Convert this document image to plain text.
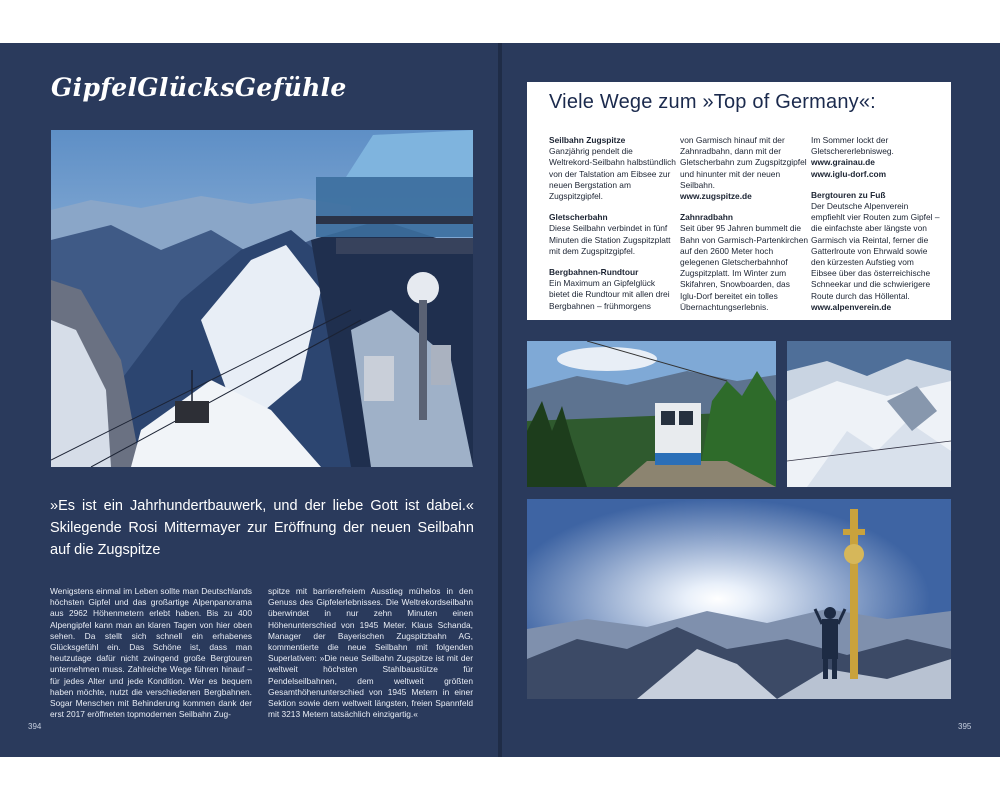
GipfelGlücksGefühle
»Es ist ein Jahrhundertbauwerk, und der liebe Gott ist dabei.« Skilegende Rosi Mittermayer zur Eröffnung der neuen Seilbahn auf die Zugspitze
Wenigstens einmal im Leben sollte man Deutschlands höchsten Gipfel und das großartige Alpenpanorama aus 2962 Höhenmetern erlebt haben. Bis zu 400 Alpengipfel kann man an klaren Tagen von hier oben sehen. Da stellt sich schnell ein erhabenes Glücksgefühl ein. Das Schöne ist, dass man heutzutage dafür nicht zwingend große Bergtouren unternehmen muss. Zahlreiche Wege führen hinauf – für jedes Alter und jede Kondition. Wer es bequem haben möchte, nutzt die verschiedenen Bergbahnen. Sogar Menschen mit Behinderung kommen dank der erst 2017 eröffneten topmodernen Seilbahn Zug-
spitze mit barrierefreiem Ausstieg mühelos in den Genuss des Gipfelerlebnisses. Die Weltrekordseilbahn überwindet in nur zehn Minuten einen Höhenunterschied von 1945 Meter. Klaus Schanda, Manager der Bayerischen Zugspitzbahn AG, kommentierte die neue Seilbahn mit folgenden Superlativen: »Die neue Seilbahn Zugspitze ist mit der weltweit höchsten Stahlbaustütze für Pendelseilbahnen, dem weltweit größten Gesamthöhenunterschied von 1945 Metern in einer Sektion sowie dem weltweit längsten, freien Spannfeld mit 3213 Metern tatsächlich einzigartig.«
394
Viele Wege zum »Top of Germany«:
Seilbahn Zugspitze
Ganzjährig pendelt die Weltrekord-Seilbahn halbstündlich von der Talstation am Eibsee zur neuen Bergstation am Zugspitzgipfel.
Gletscherbahn
Diese Seilbahn verbindet in fünf Minuten die Station Zugspitzplatt mit dem Zugspitzgipfel.
Bergbahnen-Rundtour
Ein Maximum an Gipfelglück bietet die Rundtour mit allen drei Bergbahnen – frühmorgens
von Garmisch hinauf mit der Zahnradbahn, dann mit der Gletscherbahn zum Zugspitzgipfel und hinunter mit der neuen Seilbahn.
www.zugspitze.de
Zahnradbahn
Seit über 95 Jahren bummelt die Bahn von Garmisch-Partenkirchen auf den 2600 Meter hoch gelegenen Gletscherbahnhof Zugspitzplatt. Im Winter zum Skifahren, Snowboarden, das Iglu-Dorf bereitet ein tolles Übernachtungserlebnis.
Im Sommer lockt der Gletschererlebnisweg.
www.grainau.de
www.iglu-dorf.com
Bergtouren zu Fuß
Der Deutsche Alpenverein empfiehlt vier Routen zum Gipfel – die einfachste aber längste von Garmisch via Reintal, ferner die Gatterlroute von Ehrwald sowie den kürzesten Aufstieg vom Eibsee über das österreichische Schneekar und die schwierigere Route durch das Höllental.
www.alpenverein.de
395
